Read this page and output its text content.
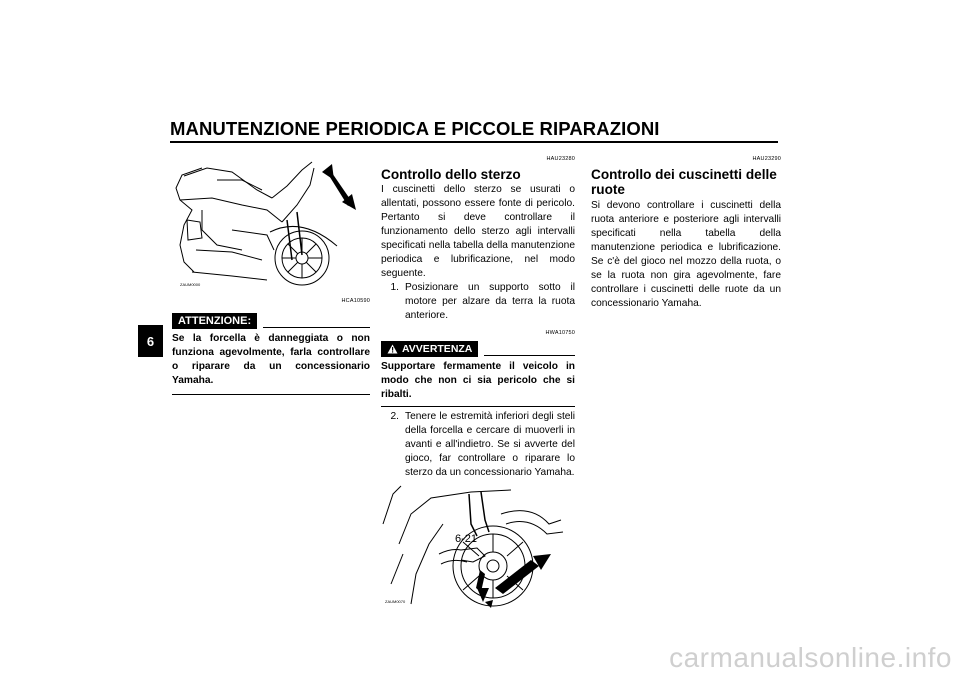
MANUTENZIONE PERIODICA E PICCOLE RIPARAZIONI
6
ZAUM0000
HCA10590
ATTENZIONE:
Se la forcella è danneggiata o non funziona agevolmente, farla controllare o riparare da un concessionario Yamaha.
HAU23280
Controllo dello sterzo
I cuscinetti dello sterzo se usurati o allentati, possono essere fonte di pericolo. Pertanto si deve controllare il funzionamento dello sterzo agli intervalli specificati nella tabella della manutenzione periodica e lubrificazione, nel modo seguente.
1. Posizionare un supporto sotto il motore per alzare da terra la ruota anteriore.
HWA10750
AVVERTENZA
Supportare fermamente il veicolo in modo che non ci sia pericolo che si ribalti.
2. Tenere le estremità inferiori degli steli della forcella e cercare di muoverli in avanti e all'indietro. Se si avverte del gioco, far controllare o riparare lo sterzo da un concessionario Yamaha.
ZAUM0070
HAU23290
Controllo dei cuscinetti delle ruote
Si devono controllare i cuscinetti della ruota anteriore e posteriore agli intervalli specificati nella tabella della manutenzione periodica e lubrificazione. Se c'è del gioco nel mozzo della ruota, o se la ruota non gira agevolmente, fare controllare i cuscinetti delle ruote da un concessionario Yamaha.
6-21
carmanualsonline.info
